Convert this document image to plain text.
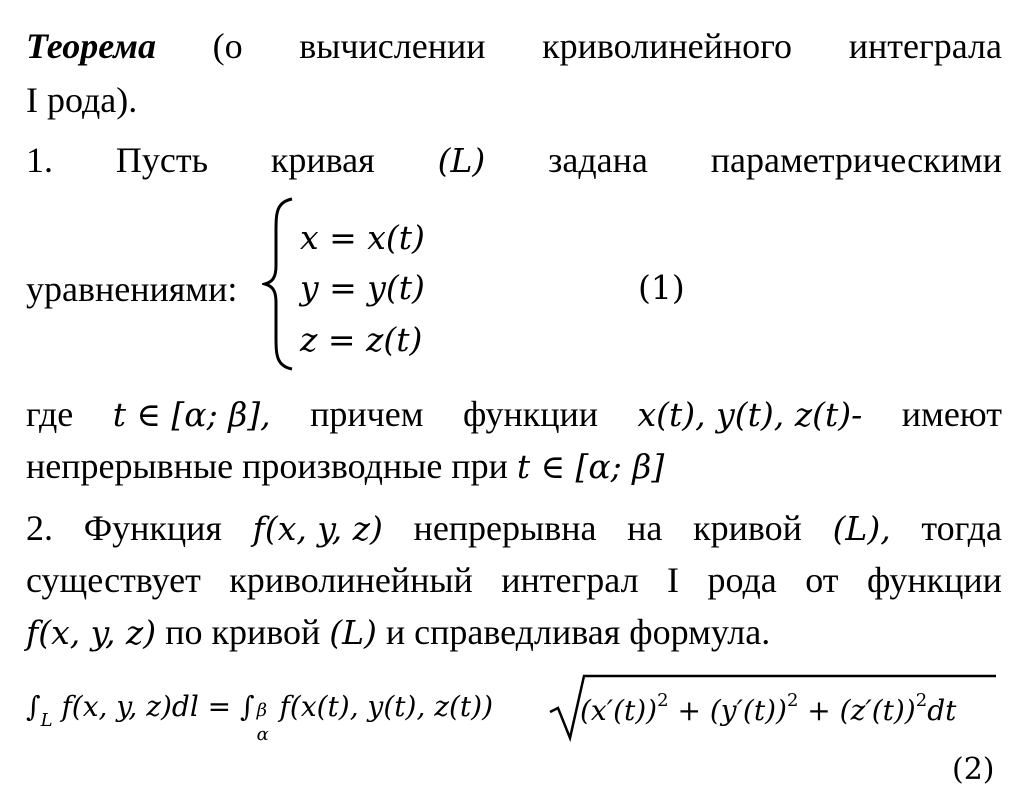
Теорема (о вычислении криволинейного интеграла
I рода).
1. Пусть кривая (L) задана параметрическими
уравнениями:
x = x(t)
y = y(t)
z = z(t)
(1)
где t ∈ [α; β], причем функции x(t), y(t), z(t)- имеют
непрерывные производные при t ∈ [α; β]
2. Функция f(x, y, z) непрерывна на кривой (L), тогда
существует криволинейный интеграл I рода от функции
f(x, y, z) по кривой (L) и справедливая формула.
$\int_L$ f(x, y, z)dl = ∫ β
α
f(x(t), y(t), z(t))	$(x'(t))^2 + (y'(t))^2 + (z'(t))^2dt$
(2)
